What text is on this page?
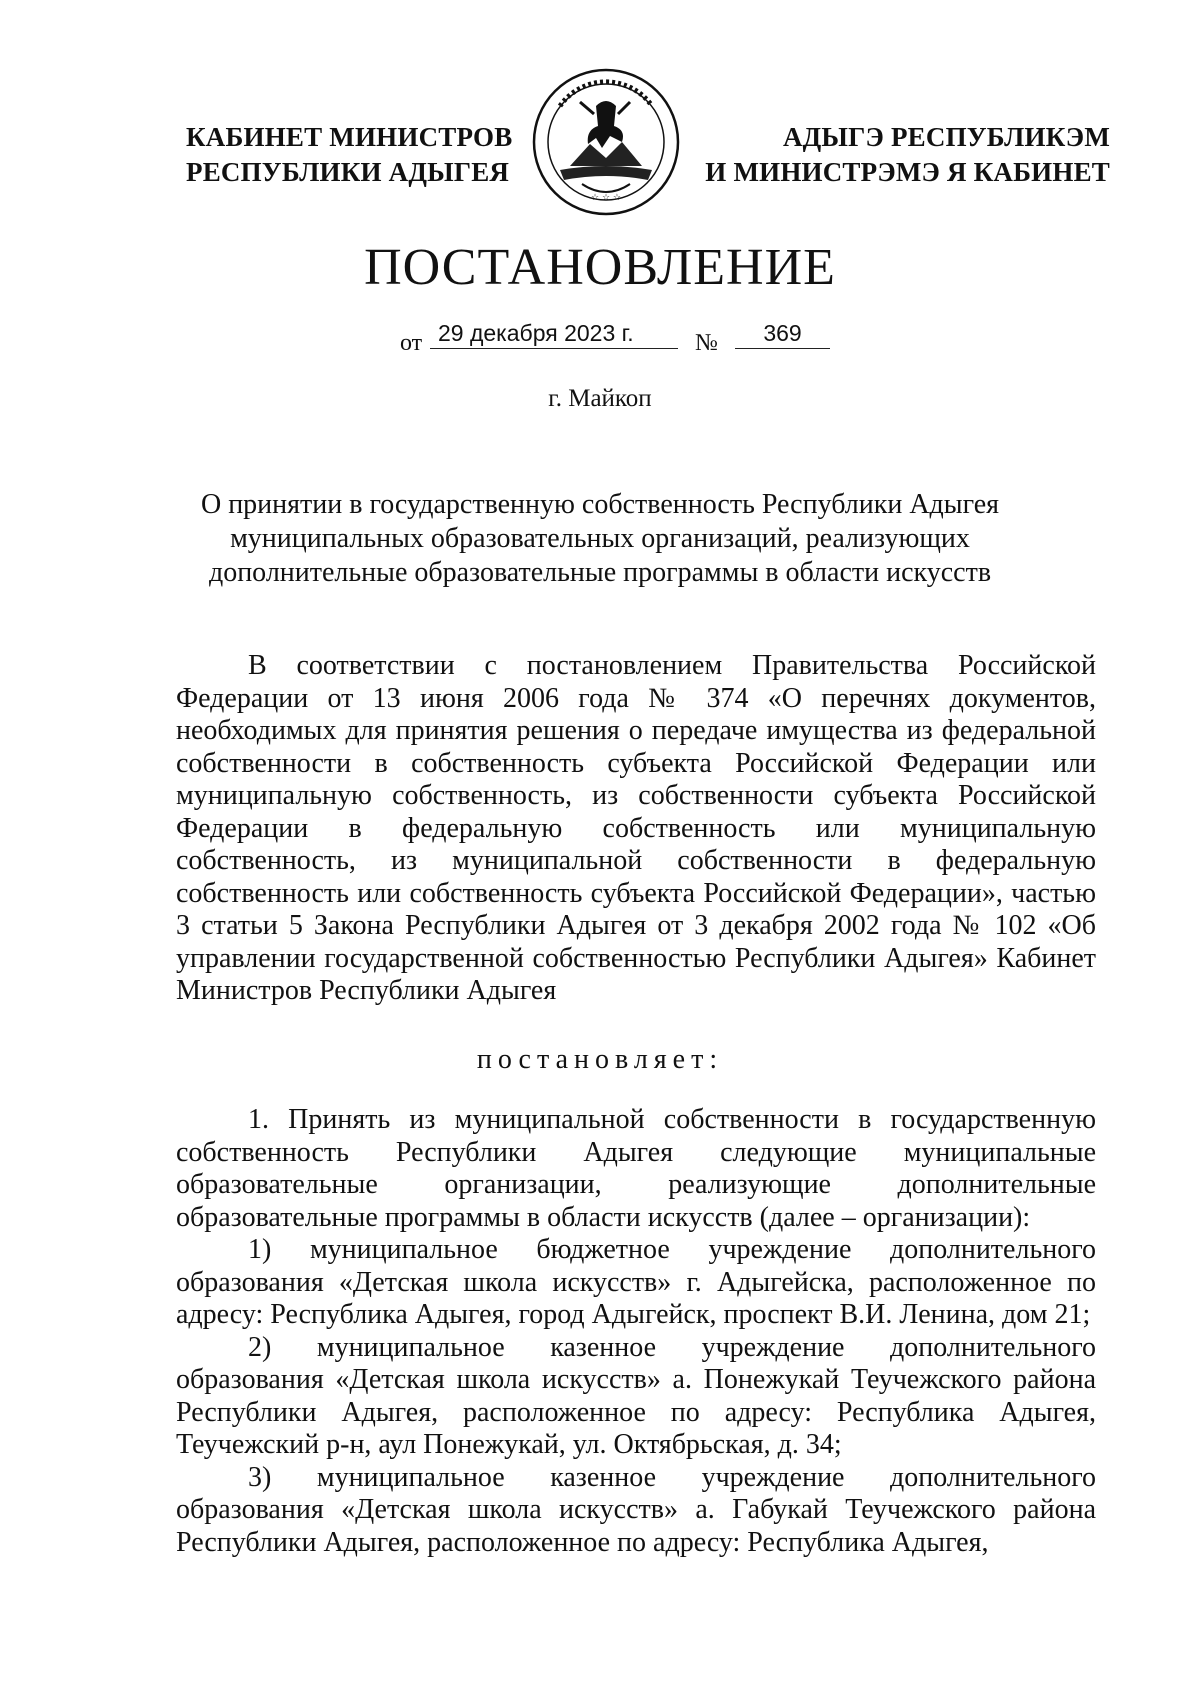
КАБИНЕТ МИНИСТРОВ
РЕСПУБЛИКИ АДЫГЕЯ
☆ ☆ ☆
АДЫГЭ РЕСПУБЛИКЭМ
И МИНИСТРЭМЭ Я КАБИНЕТ
ПОСТАНОВЛЕНИЕ
от 29 декабря 2023 г.	№	369
г. Майкоп
О принятии в государственную собственность Республики Адыгея муниципальных образовательных организаций, реализующих дополнительные образовательные программы в области искусств
В соответствии с постановлением Правительства Российской Федерации от 13 июня 2006 года № 374 «О перечнях документов, необходимых для принятия решения о передаче имущества из федеральной собственности в собственность субъекта Российской Федерации или муниципальную собственность, из собственности субъекта Российской Федерации в федеральную собственность или муниципальную собственность, из муниципальной собственности в федеральную собственность или собственность субъекта Российской Федерации», частью 3 статьи 5 Закона Республики Адыгея от 3 декабря 2002 года № 102 «Об управлении государственной собственностью Республики Адыгея» Кабинет Министров Республики Адыгея
постановляет:

1. Принять из муниципальной собственности в государственную собственность Республики Адыгея следующие муниципальные образовательные организации, реализующие дополнительные образовательные программы в области искусств (далее – организации):

1) муниципальное бюджетное учреждение дополнительного образования «Детская школа искусств» г. Адыгейска, расположенное по адресу: Республика Адыгея, город Адыгейск, проспект В.И. Ленина, дом 21;

2) муниципальное казенное учреждение дополнительного образования «Детская школа искусств» а. Понежукай Теучежского района Республики Адыгея, расположенное по адресу: Республика Адыгея, Теучежский р-н, аул Понежукай, ул. Октябрьская, д. 34;

3) муниципальное казенное учреждение дополнительного образования «Детская школа искусств» а. Габукай Теучежского района Республики Адыгея, расположенное по адресу: Республика Адыгея,
